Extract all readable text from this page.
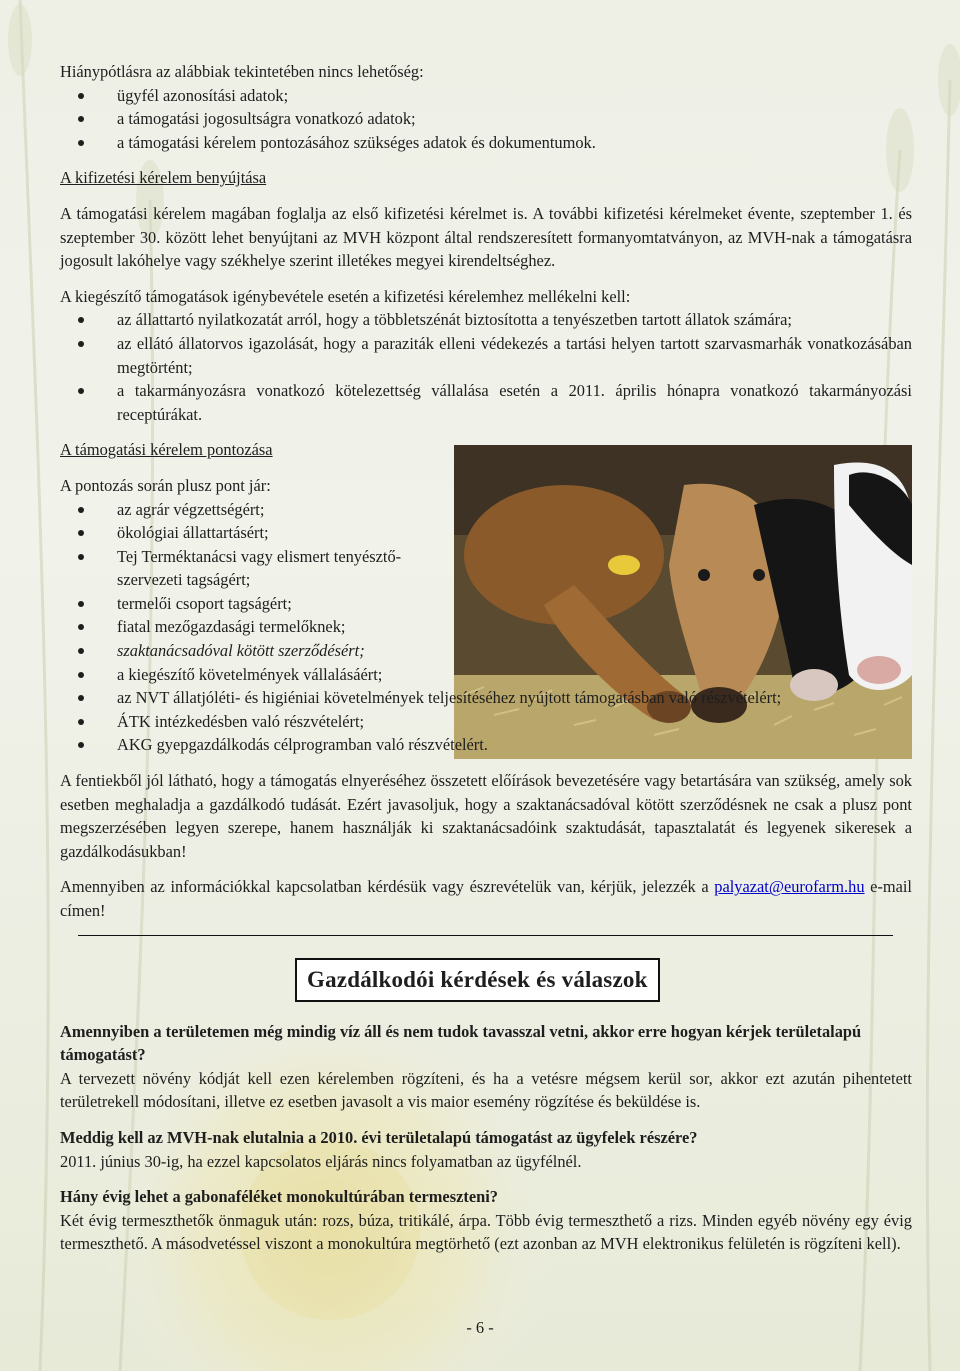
Hiánypótlásra az alábbiak tekintetében nincs lehetőség:

ügyfél azonosítási adatok;
a támogatási jogosultságra vonatkozó adatok;
a támogatási kérelem pontozásához szükséges adatok és dokumentumok.

A kifizetési kérelem benyújtása

A támogatási kérelem magában foglalja az első kifizetési kérelmet is. A további kifizetési kérelmeket évente, szeptember 1. és szeptember 30. között lehet benyújtani az MVH központ által rendszeresített formanyomtatványon, az MVH-nak a támogatásra jogosult lakóhelye vagy székhelye szerint illetékes megyei kirendeltséghez.

A kiegészítő támogatások igénybevétele esetén a kifizetési kérelemhez mellékelni kell:

az állattartó nyilatkozatát arról, hogy a többletszénát biztosította a tenyészetben tartott állatok számára;
az ellátó állatorvos igazolását, hogy a paraziták elleni védekezés a tartási helyen tartott szarvasmarhák vonatkozásában megtörtént;
a takarmányozásra vonatkozó kötelezettség vállalása esetén a 2011. április hónapra vonatkozó takarmányozási receptúrákat.

A támogatási kérelem pontozása

A pontozás során plusz pont jár:

az agrár végzettségért;
ökológiai állattartásért;
Tej Terméktanácsi vagy elismert tenyésztő-szervezeti tagságért;
termelői csoport tagságért;
fiatal mezőgazdasági termelőknek;
szaktanácsadóval kötött szerződésért;
a kiegészítő követelmények vállalásáért;
az NVT állatjóléti- és higiéniai követelmények teljesítéséhez nyújtott támogatásban való részvételért;
ÁTK intézkedésben való részvételért;
AKG gyepgazdálkodás célprogramban való részvételért.

A fentiekből jól látható, hogy a támogatás elnyeréséhez összetett előírások bevezetésére vagy betartására van szükség, amely sok esetben meghaladja a gazdálkodó tudását. Ezért javasoljuk, hogy a szaktanácsadóval kötött szerződésnek ne csak a plusz pont megszerzésében legyen szerepe, hanem használják ki szaktanácsadóink szaktudását, tapasztalatát és legyenek sikeresek a gazdálkodásukban!

Amennyiben az információkkal kapcsolatban kérdésük vagy észrevételük van, kérjük, jelezzék a palyazat@eurofarm.hu e-mail címen!

Gazdálkodói kérdések és válaszok

Amennyiben a területemen még mindig víz áll és nem tudok tavasszal vetni, akkor erre hogyan kérjek területalapú támogatást?

A tervezett növény kódját kell ezen kérelemben rögzíteni, és ha a vetésre mégsem kerül sor, akkor ezt azután pihentetett területrekell módosítani, illetve ez esetben javasolt a vis maior esemény rögzítése és beküldése is.

Meddig kell az MVH-nak elutalnia a 2010. évi területalapú támogatást az ügyfelek részére?

2011. június 30-ig, ha ezzel kapcsolatos eljárás nincs folyamatban az ügyfélnél.

Hány évig lehet a gabonaféléket monokultúrában termeszteni?

Két évig termeszthetők önmaguk után: rozs, búza, tritikálé, árpa. Több évig termeszthető a rizs. Minden egyéb növény egy évig termeszthető. A másodvetéssel viszont a monokultúra megtörhető (ezt azonban az MVH elektronikus felületén is rögzíteni kell).

- 6 -
